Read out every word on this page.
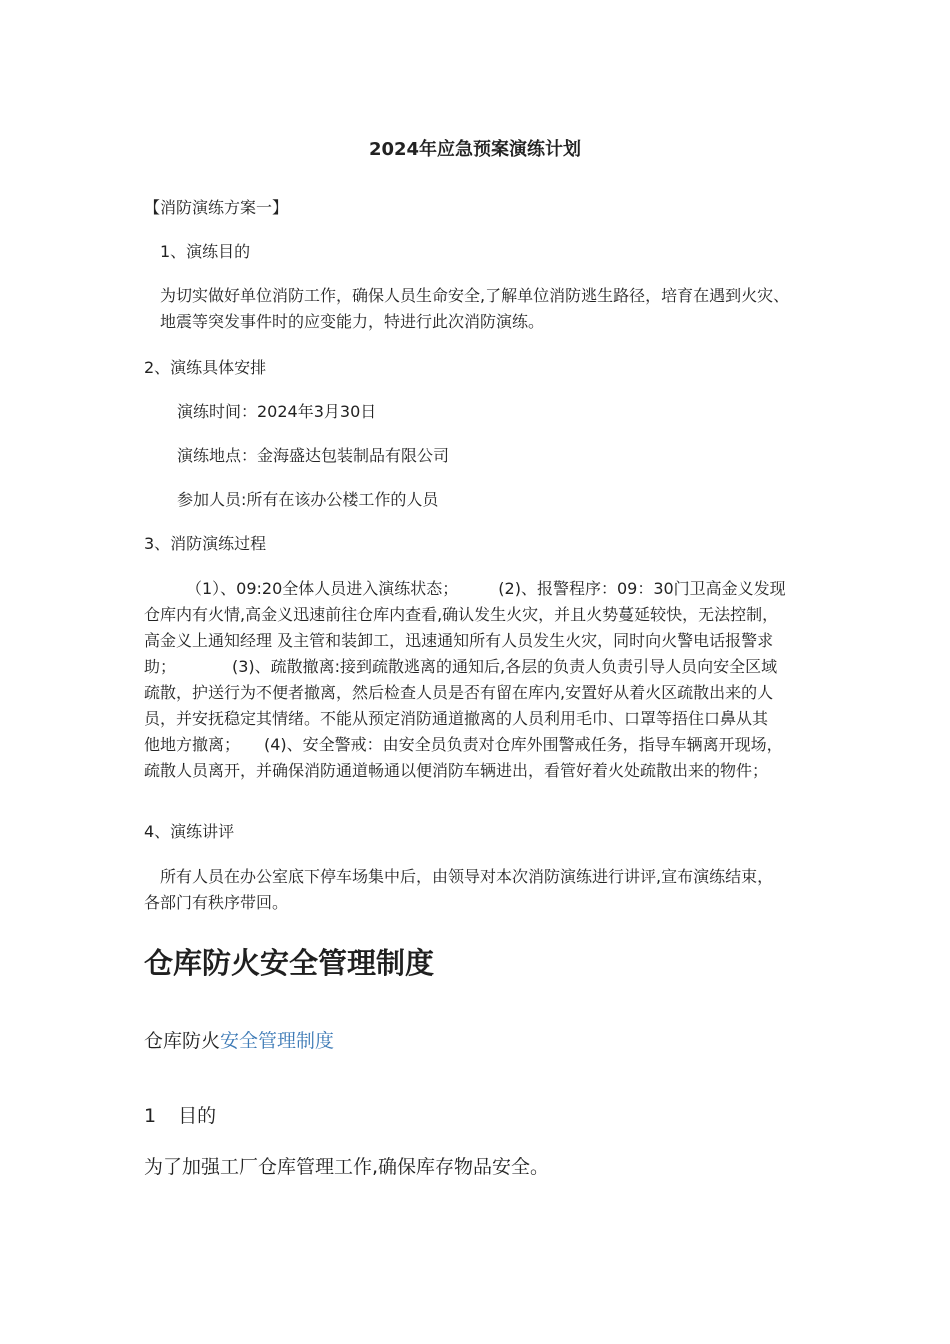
2024年应急预案演练计划
【消防演练方案一】
1、演练目的
为切实做好单位消防工作，确保人员生命安全,了解单位消防逃生路径，培育在遇到火灾、
地震等突发事件时的应变能力，特进行此次消防演练。
2、演练具体安排
演练时间：2024年3月30日
演练地点：金海盛达包装制品有限公司
参加人员:所有在该办公楼工作的人员
3、消防演练过程
（1）、09:20全体人员进入演练状态；　　　(2)、报警程序：09：30门卫高金义发现
仓库内有火情,高金义迅速前往仓库内查看,确认发生火灾，并且火势蔓延较快，无法控制，
高金义上通知经理 及主管和装卸工，迅速通知所有人员发生火灾，同时向火警电话报警求
助；　　　　(3)、疏散撤离:接到疏散逃离的通知后,各层的负责人负责引导人员向安全区域
疏散，护送行为不便者撤离，然后检查人员是否有留在库内,安置好从着火区疏散出来的人
员，并安抚稳定其情绪。不能从预定消防通道撤离的人员利用毛巾、口罩等捂住口鼻从其
他地方撤离；　　(4)、安全警戒：由安全员负责对仓库外围警戒任务，指导车辆离开现场，
疏散人员离开，并确保消防通道畅通以便消防车辆进出，看管好着火处疏散出来的物件；
4、演练讲评
所有人员在办公室底下停车场集中后，由领导对本次消防演练进行讲评,宣布演练结束，
各部门有秩序带回。
仓库防火安全管理制度
仓库防火安全管理制度
1 目的
为了加强工厂仓库管理工作,确保库存物品安全。
